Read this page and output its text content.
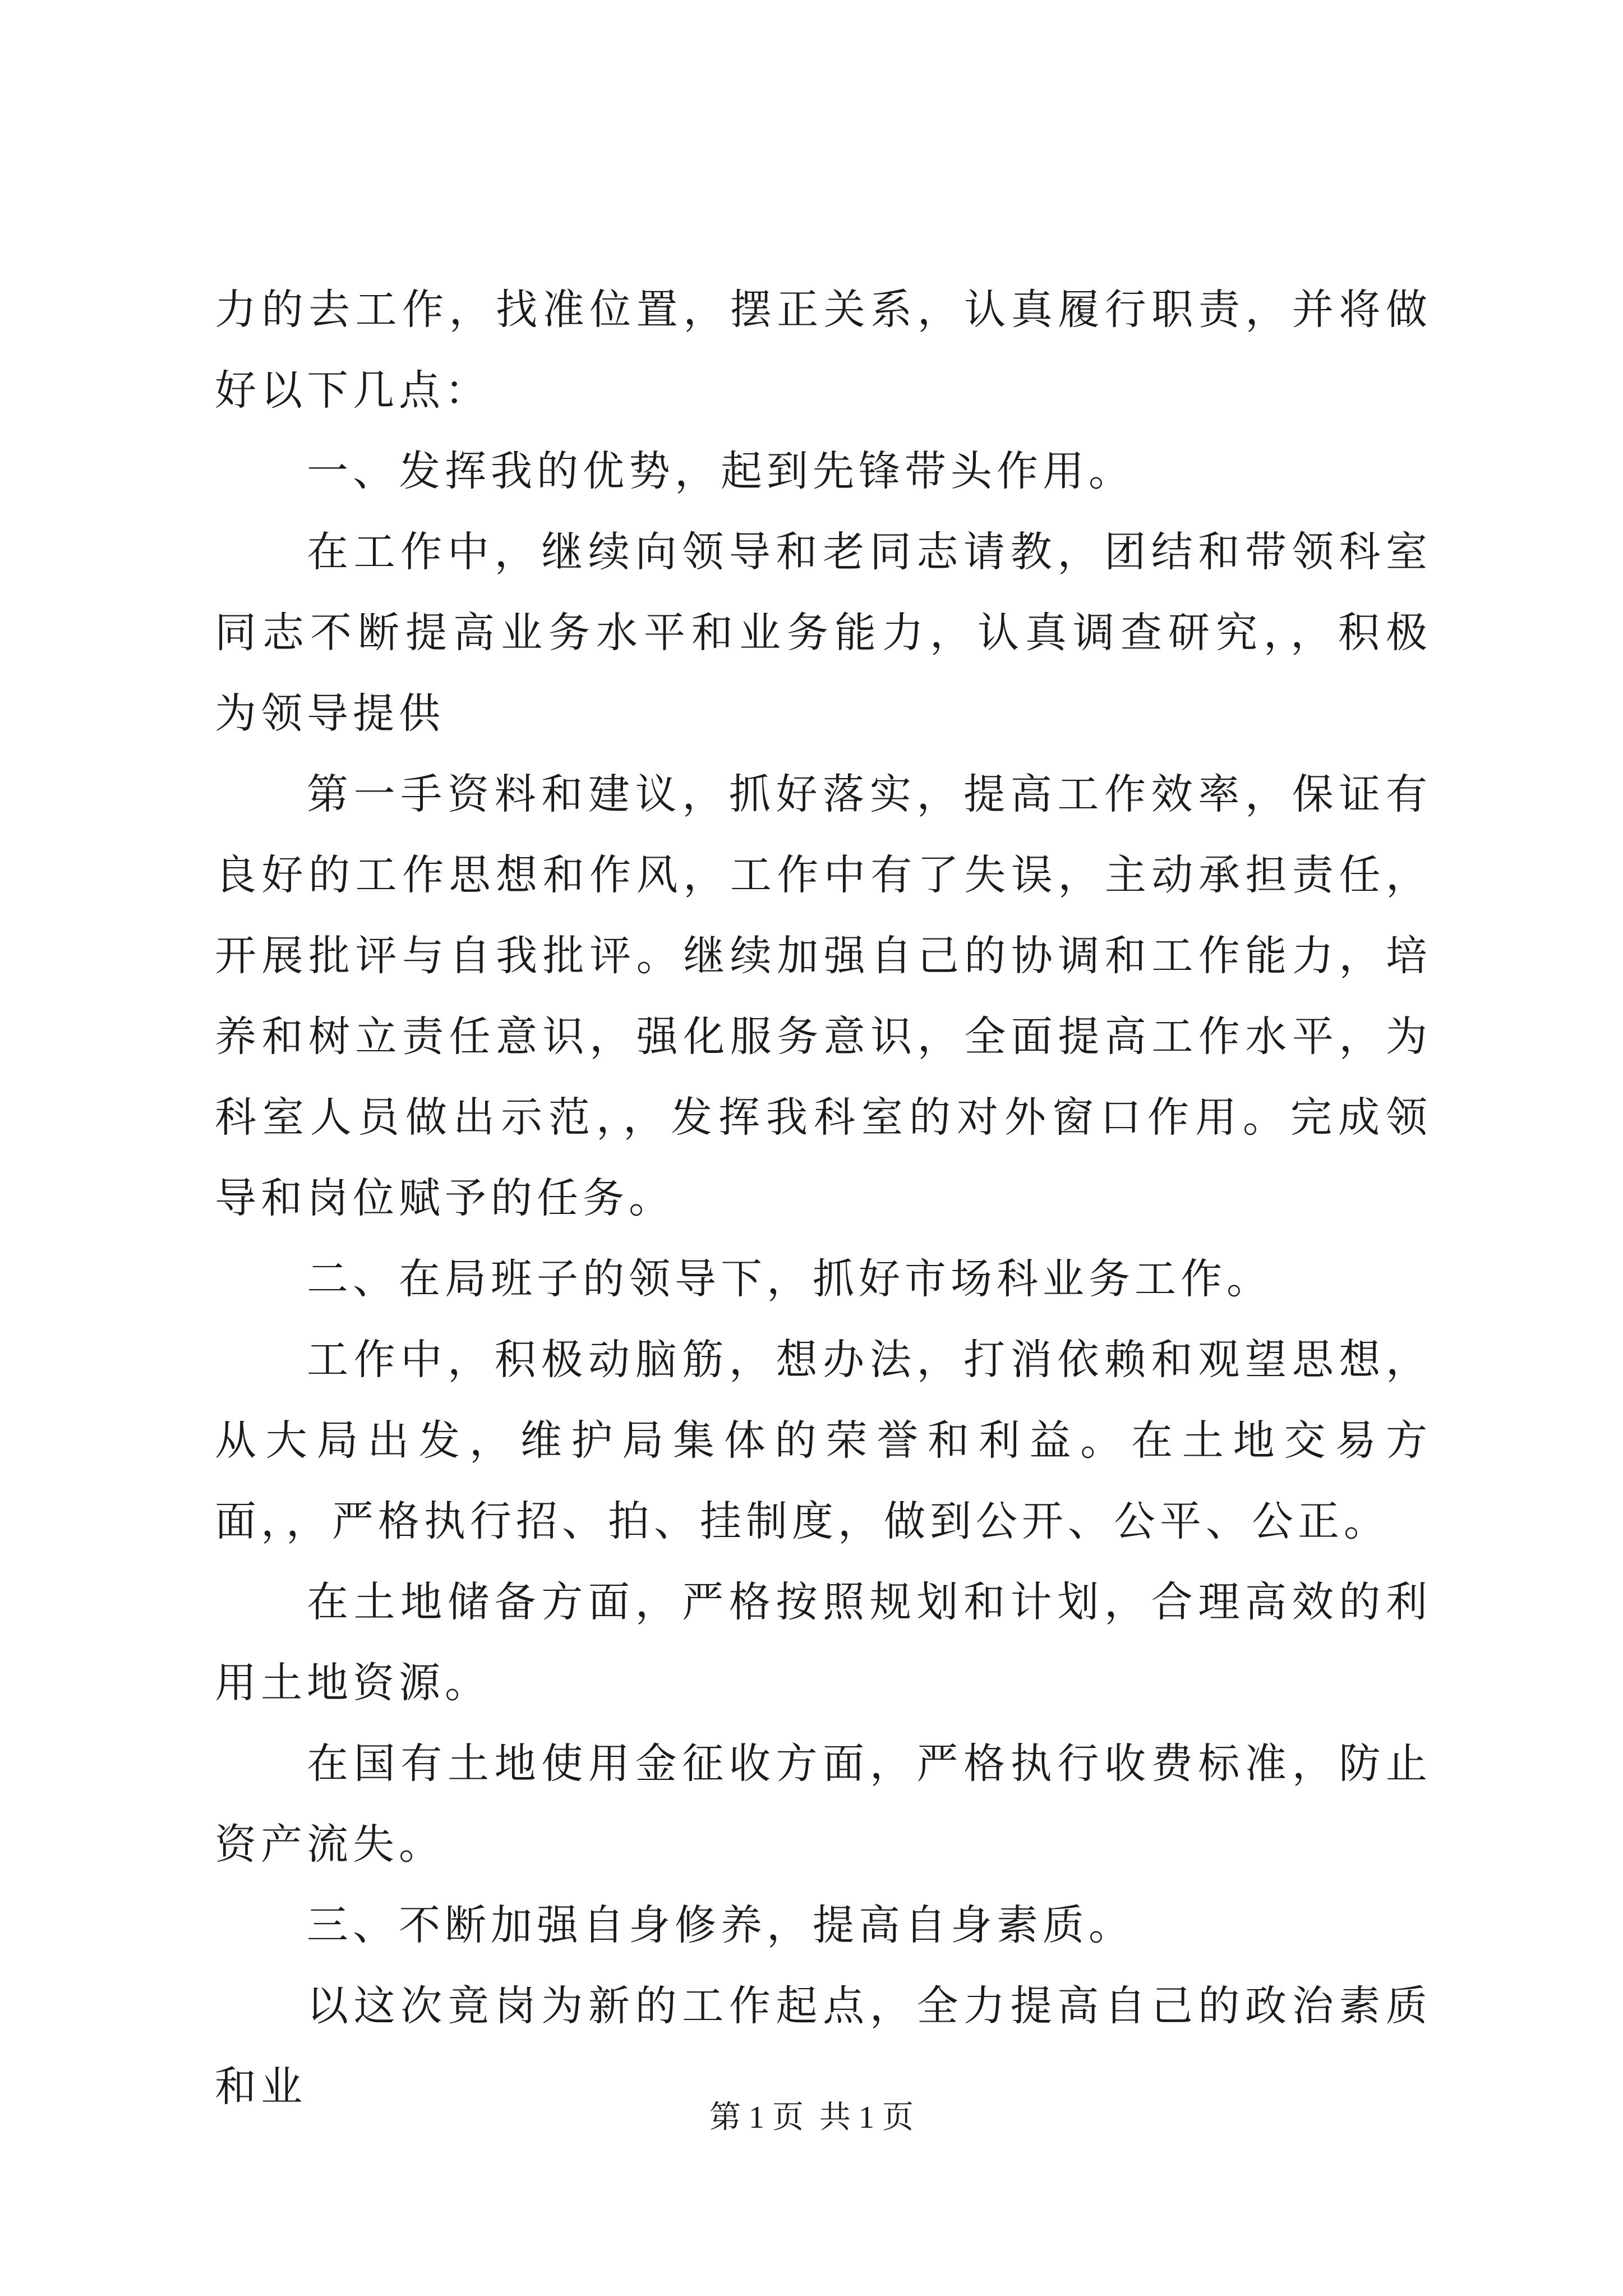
力的去工作，找准位置，摆正关系，认真履行职责，并将做好以下几点：

一、发挥我的优势，起到先锋带头作用。

在工作中，继续向领导和老同志请教，团结和带领科室同志不断提高业务水平和业务能力，认真调查研究，，积极为领导提供

第一手资料和建议，抓好落实，提高工作效率，保证有良好的工作思想和作风，工作中有了失误，主动承担责任，开展批评与自我批评。继续加强自己的协调和工作能力，培养和树立责任意识，强化服务意识，全面提高工作水平，为科室人员做出示范，，发挥我科室的对外窗口作用。完成领导和岗位赋予的任务。

二、在局班子的领导下，抓好市场科业务工作。

工作中，积极动脑筋，想办法，打消依赖和观望思想，从大局出发，维护局集体的荣誉和利益。在土地交易方面，，严格执行招、拍、挂制度，做到公开、公平、公正。

在土地储备方面，严格按照规划和计划，合理高效的利用土地资源。

在国有土地使用金征收方面，严格执行收费标准，防止资产流失。

三、不断加强自身修养，提高自身素质。

以这次竟岗为新的工作起点，全力提高自己的政治素质和业

第 1 页  共 1 页
